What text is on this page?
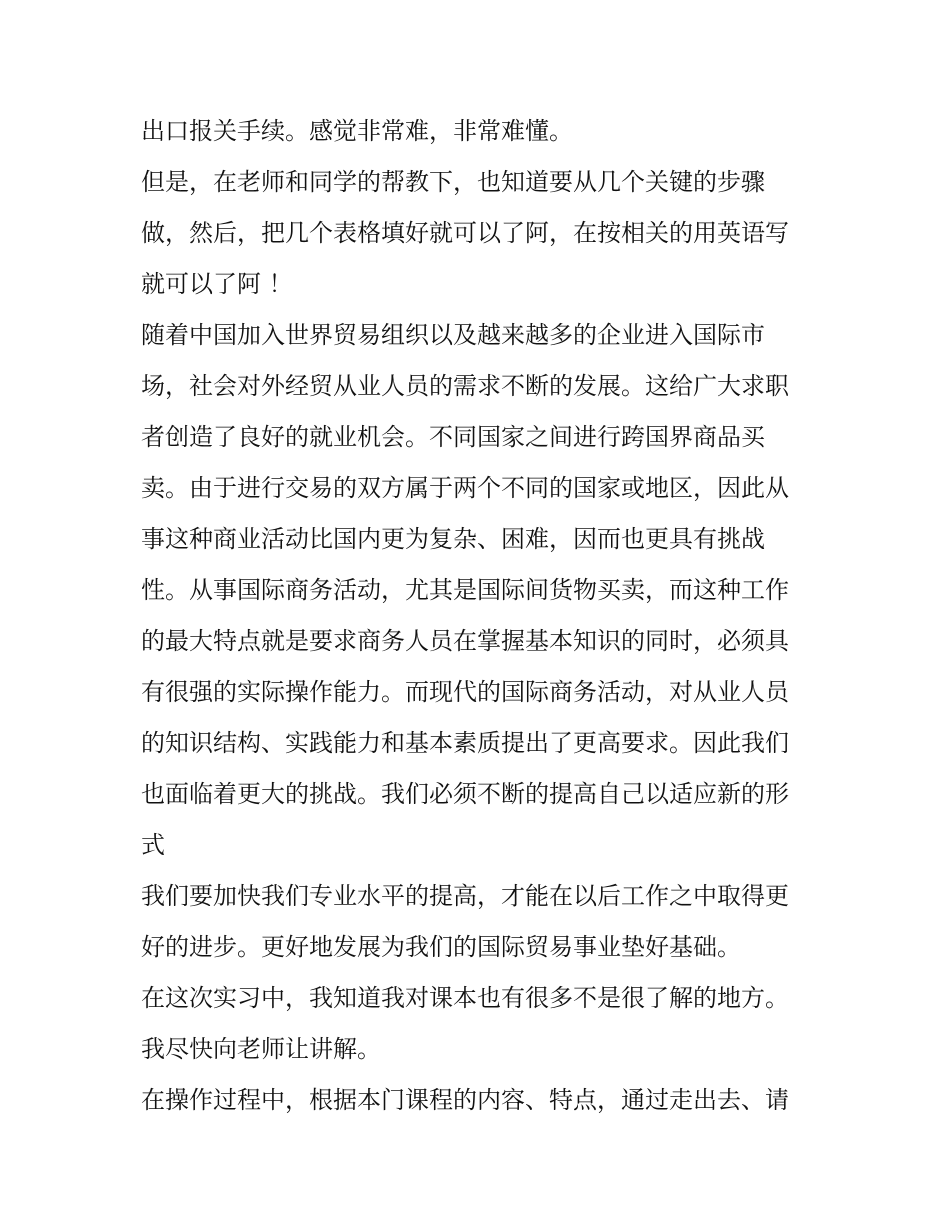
出口报关手续。感觉非常难，非常难懂。
但是，在老师和同学的帮教下，也知道要从几个关键的步骤
做，然后，把几个表格填好就可以了阿，在按相关的用英语写
就可以了阿 ！
随着中国加入世界贸易组织以及越来越多的企业进入国际市
场，社会对外经贸从业人员的需求不断的发展。这给广大求职
者创造了良好的就业机会。不同国家之间进行跨国界商品买
卖。由于进行交易的双方属于两个不同的国家或地区，因此从
事这种商业活动比国内更为复杂、困难，因而也更具有挑战
性。从事国际商务活动，尤其是国际间货物买卖，而这种工作
的最大特点就是要求商务人员在掌握基本知识的同时，必须具
有很强的实际操作能力。而现代的国际商务活动，对从业人员
的知识结构、实践能力和基本素质提出了更高要求。因此我们
也面临着更大的挑战。我们必须不断的提高自己以适应新的形
式
我们要加快我们专业水平的提高，才能在以后工作之中取得更
好的进步。更好地发展为我们的国际贸易事业垫好基础。
在这次实习中，我知道我对课本也有很多不是很了解的地方。
我尽快向老师让讲解。
在操作过程中，根据本门课程的内容、特点，通过走出去、请
